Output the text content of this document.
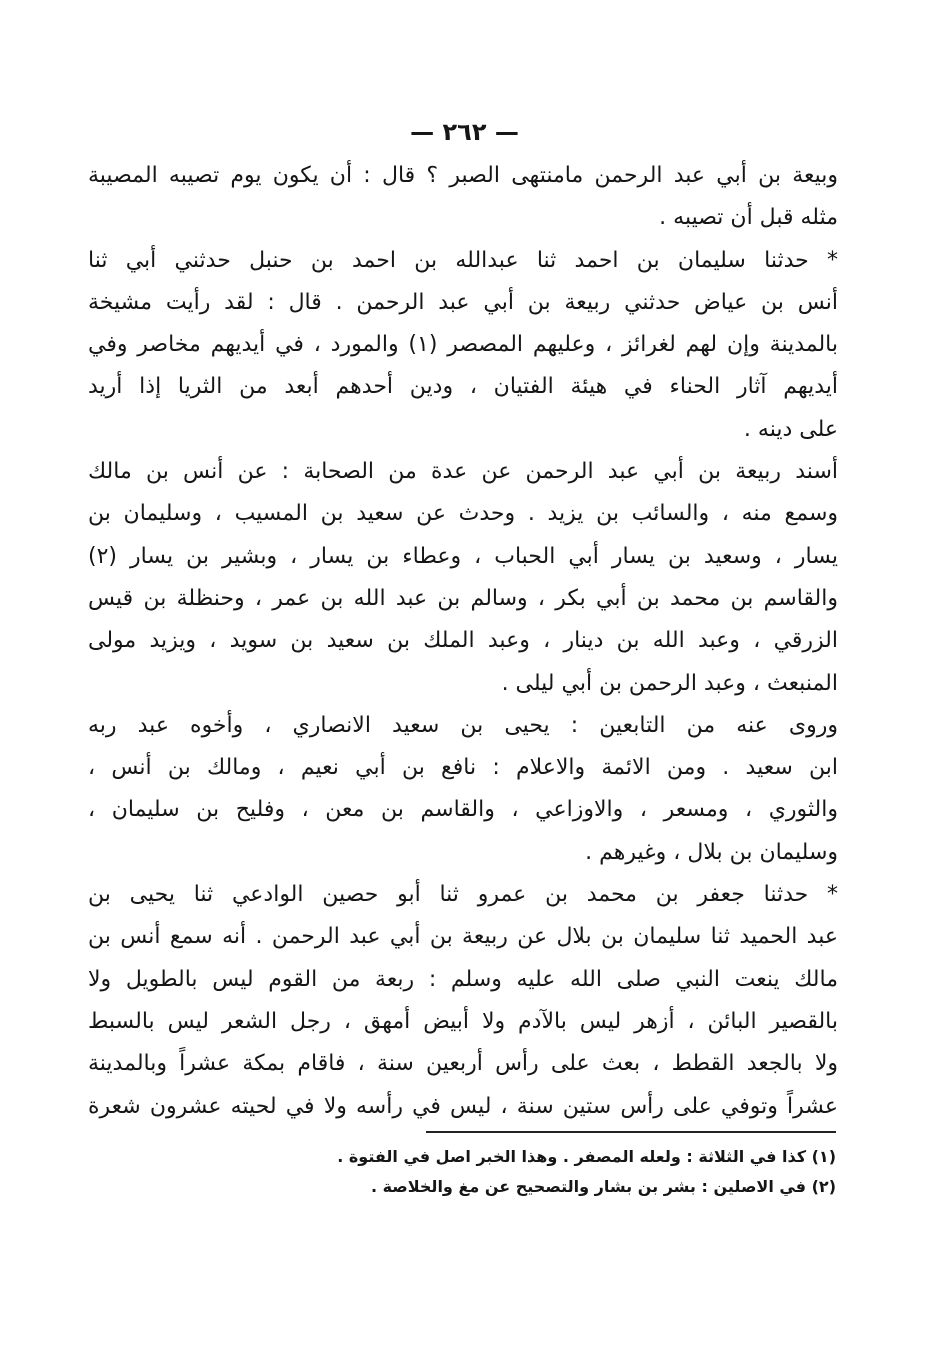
— ٢٦٢ —
وبيعة بن أبي عبد الرحمن مامنتهى الصبر ؟ قال : أن يكون يوم تصيبه المصيبة
مثله قبل أن تصيبه .
* حدثنا سليمان بن احمد ثنا عبدالله بن احمد بن حنبل حدثني أبي ثنا
أنس بن عياض حدثني ربيعة بن أبي عبد الرحمن . قال : لقد رأيت مشيخة
بالمدينة وإن لهم لغرائز ، وعليهم المصصر (١) والمورد ، في أيديهم مخاصر وفي
أيديهم آثار الحناء في هيئة الفتيان ، ودين أحدهم أبعد من الثريا إذا أريد
على دينه .
أسند ربيعة بن أبي عبد الرحمن عن عدة من الصحابة : عن أنس بن مالك
وسمع منه ، والسائب بن يزيد . وحدث عن سعيد بن المسيب ، وسليمان بن
يسار ، وسعيد بن يسار أبي الحباب ، وعطاء بن يسار ، وبشير بن يسار (٢)
والقاسم بن محمد بن أبي بكر ، وسالم بن عبد الله بن عمر ، وحنظلة بن قيس
الزرقي ، وعبد الله بن دينار ، وعبد الملك بن سعيد بن سويد ، ويزيد مولى
المنبعث ، وعبد الرحمن بن أبي ليلى .
وروى عنه من التابعين : يحيى بن سعيد الانصاري ، وأخوه عبد ربه
ابن سعيد . ومن الائمة والاعلام : نافع بن أبي نعيم ، ومالك بن أنس ،
والثوري ، ومسعر ، والاوزاعي ، والقاسم بن معن ، وفليح بن سليمان ،
وسليمان بن بلال ، وغيرهم .
* حدثنا جعفر بن محمد بن عمرو ثنا أبو حصين الوادعي ثنا يحيى بن
عبد الحميد ثنا سليمان بن بلال عن ربيعة بن أبي عبد الرحمن . أنه سمع أنس بن
مالك ينعت النبي صلى الله عليه وسلم : ربعة من القوم ليس بالطويل ولا
بالقصير البائن ، أزهر ليس بالآدم ولا أبيض أمهق ، رجل الشعر ليس بالسبط
ولا بالجعد القطط ، بعث على رأس أربعين سنة ، فاقام بمكة عشراً وبالمدينة
عشراً وتوفي على رأس ستين سنة ، ليس في رأسه ولا في لحيته عشرون شعرة
(١) كذا في الثلاثة : ولعله المصفر . وهذا الخبر اصل في الفتوة .
(٢) في الاصلين : بشر بن بشار والتصحيح عن مغ والخلاصة .
